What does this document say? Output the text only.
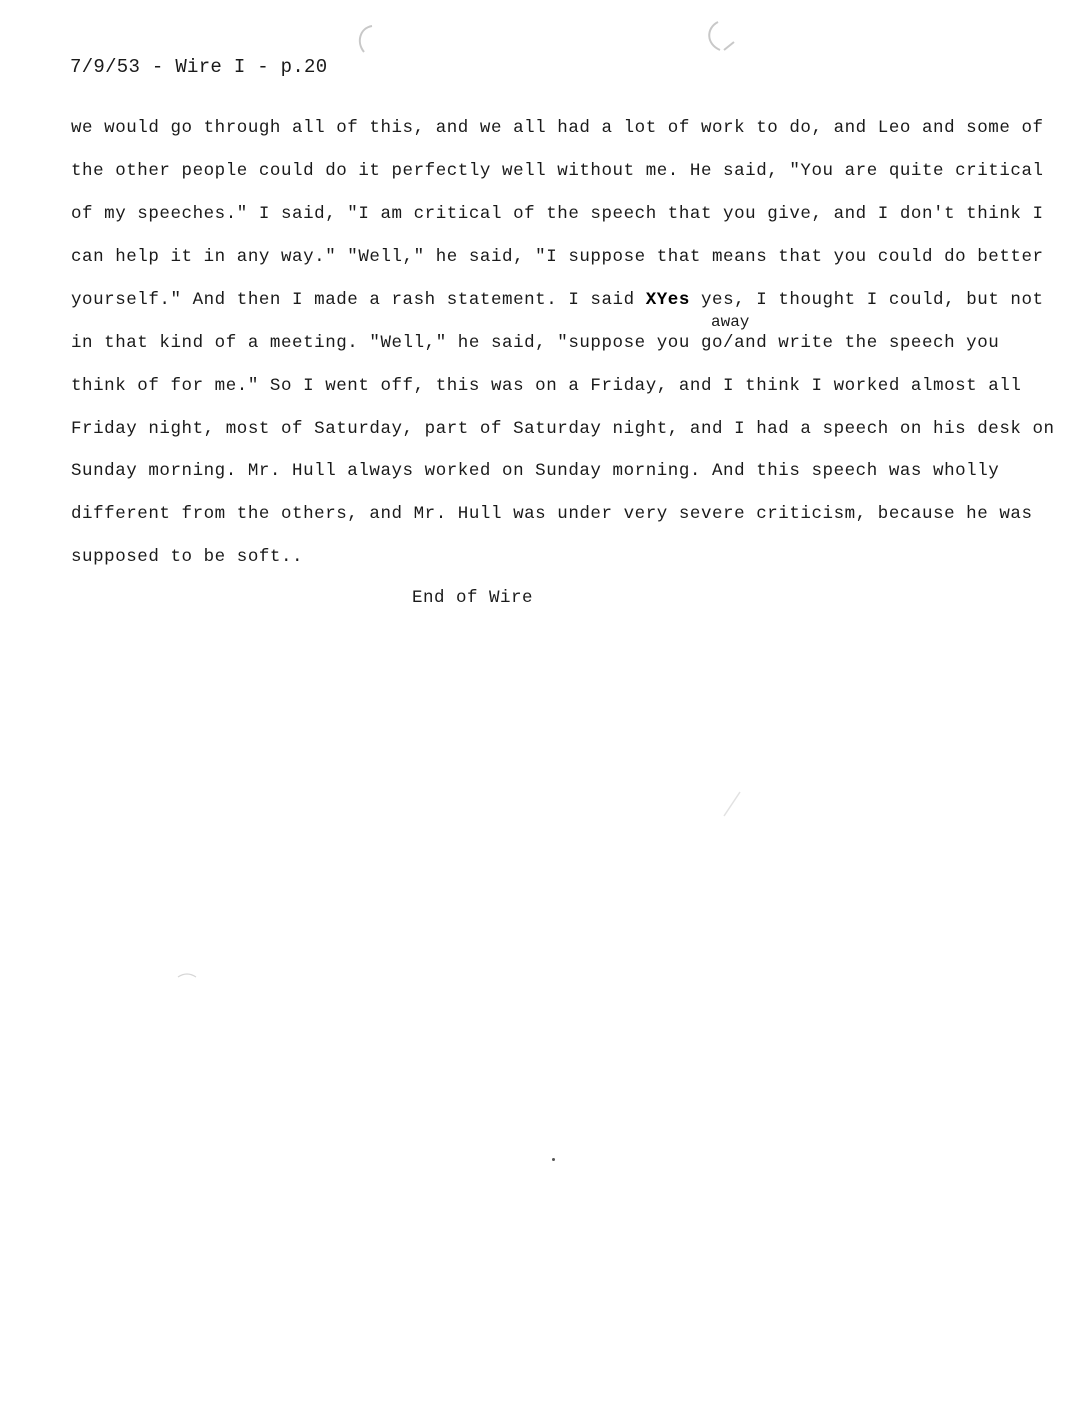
7/9/53 - Wire I - p.20
we would go through all of this, and we all had a lot of work to do, and Leo and some of
the other people could do it perfectly well without me. He said, "You are quite critical
of my speeches." I said, "I am critical of the speech that you give, and I don't think I
can help it in any way." "Well," he said, "I suppose that means that you could do better
yourself." And then I made a rash statement. I said XYes yes, I thought I could, but not
away
in that kind of a meeting. "Well," he said, "suppose you go/and write the speech you
think of for me." So I went off, this was on a Friday, and I think I worked almost all
Friday night, most of Saturday, part of Saturday night, and I had a speech on his desk on
Sunday morning. Mr. Hull always worked on Sunday morning. And this speech was wholly
different from the others, and Mr. Hull was under very severe criticism, because he was
supposed to be soft..
End of Wire
